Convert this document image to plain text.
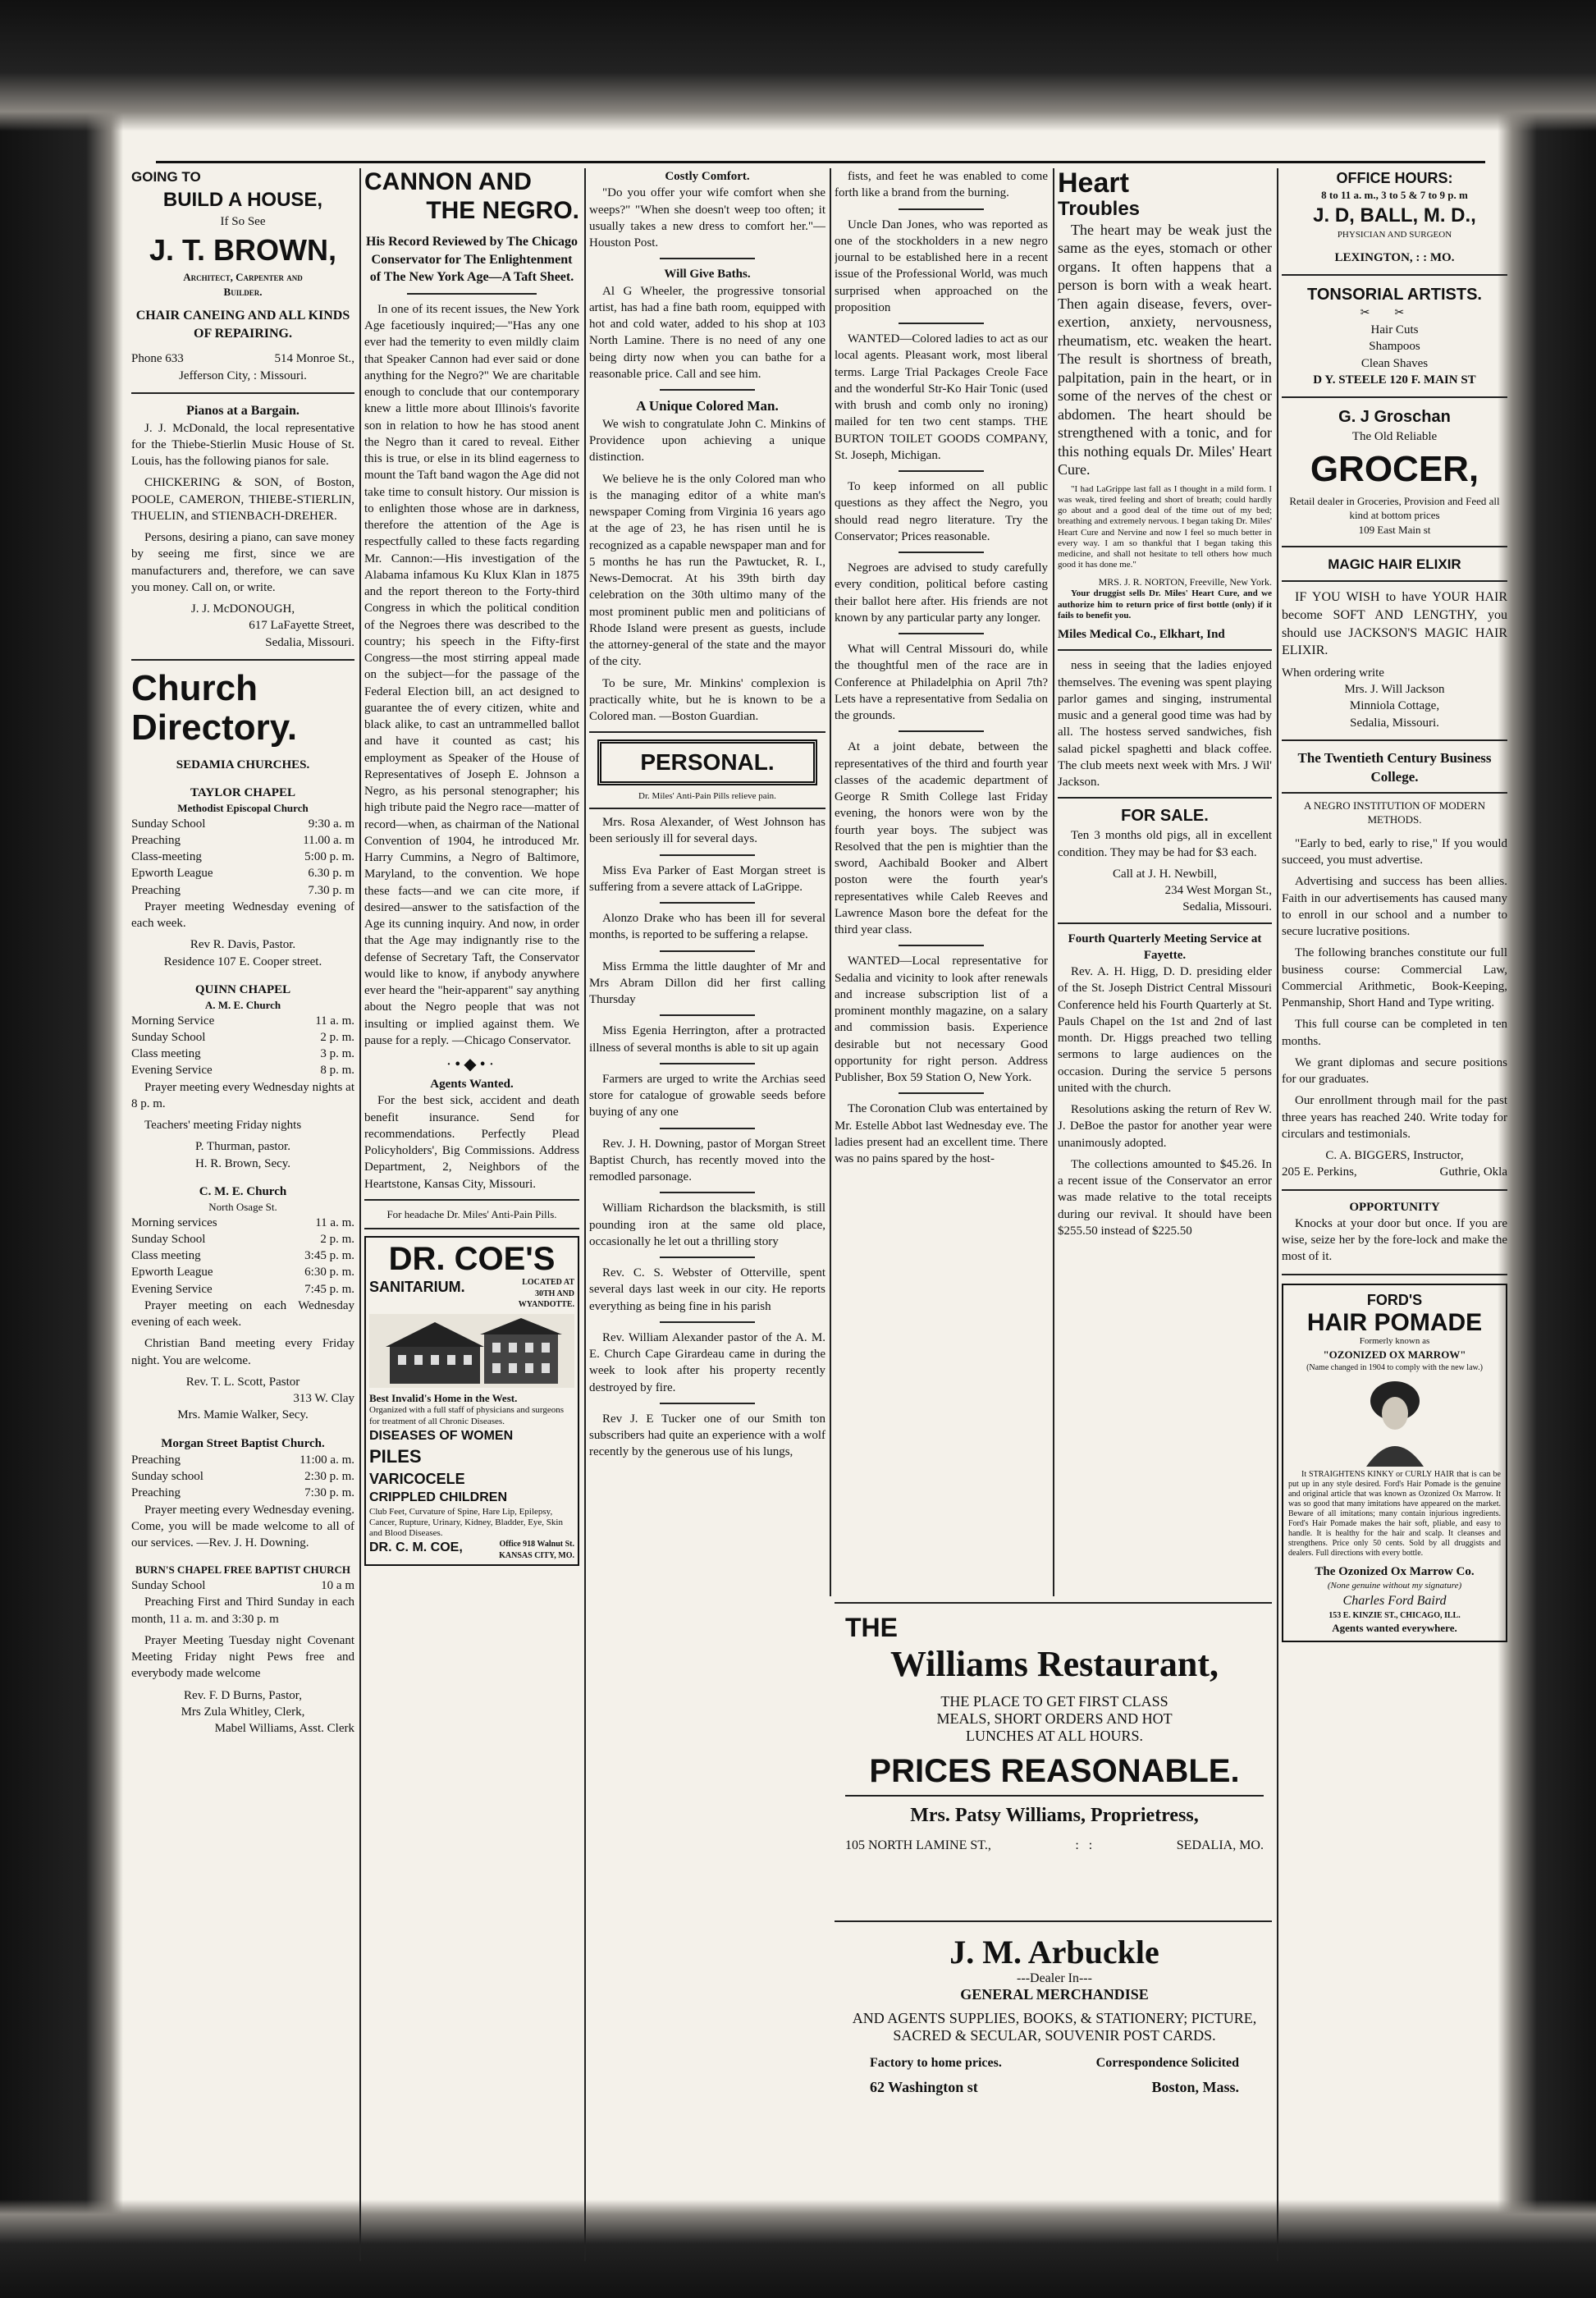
GOING TO
BUILD A HOUSE,
If So See
J. T. BROWN,
Architect, Carpenter and
Builder.
CHAIR CANEING AND ALL KINDS OF REPAIRING.
Phone 633	514 Monroe St.,
Jefferson City, : Missouri.
Pianos at a Bargain.

J. J. McDonald, the local representative for the Thiebe-Stierlin Music House of St. Louis, has the following pianos for sale.

CHICKERING & SON, of Boston, POOLE, CAMERON, THIEBE-STIERLIN, THUELIN, and STIENBACH-DREHER.

Persons, desiring a piano, can save money by seeing me first, since we are manufacturers and, therefore, we can save you money. Call on, or write.

J. J. McDONOUGH,
617 LaFayette Street,
Sedalia, Missouri.
Church
Directory.
SEDAMIA CHURCHES.
TAYLOR CHAPEL
Methodist Episcopal Church
Sunday School	9:30 a. m
Preaching	11.00 a. m
Class-meeting	5:00 p. m.
Epworth League	6.30 p. m
Preaching	7.30 p. m

Prayer meeting Wednesday evening of each week.

Rev R. Davis, Pastor.
Residence 107 E. Cooper street.
QUINN CHAPEL
A. M. E. Church
Morning Service	11 a. m.
Sunday School	2 p. m.
Class meeting	3 p. m.
Evening Service	8 p. m.

Prayer meeting every Wednesday nights at 8 p. m.

Teachers' meeting Friday nights

P. Thurman, pastor.
H. R. Brown, Secy.
C. M. E. Church
North Osage St.
Morning services	11 a. m.
Sunday School	2 p. m.
Class meeting	3:45 p. m.
Epworth League	6:30 p. m.
Evening Service	7:45 p. m.

Prayer meeting on each Wednesday evening of each week.

Christian Band meeting every Friday night. You are welcome.

Rev. T. L. Scott, Pastor
313 W. Clay
Mrs. Mamie Walker, Secy.
Morgan Street Baptist Church.
Preaching	11:00 a. m.
Sunday school	2:30 p. m.
Preaching	7:30 p. m.

Prayer meeting every Wednesday evening. Come, you will be made welcome to all of our services. —Rev. J. H. Downing.

BURN'S CHAPEL FREE BAPTIST CHURCH
Sunday School	10 a m

Preaching First and Third Sunday in each month, 11 a. m. and 3:30 p. m

Prayer Meeting Tuesday night Covenant Meeting Friday night Pews free and everybody made welcome

Rev. F. D Burns, Pastor,
Mrs Zula Whitley, Clerk,
Mabel Williams, Asst. Clerk
CANNON AND
THE NEGRO.
His Record Reviewed by The Chicago Conservator for The Enlightenment of The New York Age—A Taft Sheet.

In one of its recent issues, the New York Age facetiously inquired;—"Has any one ever had the temerity to even mildly claim that Speaker Cannon had ever said or done anything for the Negro?" We are charitable enough to conclude that our contemporary knew a little more about Illinois's favorite son in relation to how he has stood anent the Negro than it cared to reveal. Either this is true, or else in its blind eagerness to mount the Taft band wagon the Age did not take time to consult history. Our mission is to enlighten those whose are in darkness, therefore the attention of the Age is respectfully called to these facts regarding Mr. Cannon:—His investigation of the Alabama infamous Ku Klux Klan in 1875 and the report thereon to the Forty-third Congress in which the political condition of the Negroes there was described to the country; his speech in the Fifty-first Congress—the most stirring appeal made on the subject—for the passage of the Federal Election bill, an act designed to guarantee the of every citizen, white and black alike, to cast an untrammelled ballot and have it counted as cast; his employment as Speaker of the House of Representatives of Joseph E. Johnson a Negro, as his personal stenographer; his high tribute paid the Negro race—matter of record—when, as chairman of the National Convention of 1904, he introduced Mr. Harry Cummins, a Negro of Baltimore, Maryland, to the convention. We hope these facts—and we can cite more, if desired—answer to the satisfaction of the Age its cunning inquiry. And now, in order that the Age may indignantly rise to the defense of Secretary Taft, the Conservator would like to know, if anybody anywhere ever heard the "heir-apparent" say anything about the Negro people that was not insulting or implied against them. We pause for a reply. —Chicago Conservator.

·•◆•·
Agents Wanted.

For the best sick, accident and death benefit insurance. Send for recommendations. Perfectly Plead Policyholders', Big Commissions. Address Department, 2, Neighbors of the Heartstone, Kansas City, Missouri.

For headache Dr. Miles' Anti-Pain Pills.
DR. COE'S
SANITARIUM.	LOCATED AT 30TH AND WYANDOTTE.
Best Invalid's Home in the West.
Organized with a full staff of physicians and surgeons for treatment of all Chronic Diseases.
DISEASES OF WOMEN
PILES
VARICOCELE
CRIPPLED CHILDREN
Club Feet, Curvature of Spine, Hare Lip, Epilepsy, Cancer, Rupture, Urinary, Kidney, Bladder, Eye, Skin and Blood Diseases.
DR. C. M. COE,	Office 918 Walnut St. KANSAS CITY, MO.
Costly Comfort.

"Do you offer your wife comfort when she weeps?" "When she doesn't weep too often; it usually takes a new dress to comfort her."—Houston Post.

Will Give Baths.

Al G Wheeler, the progressive tonsorial artist, has had a fine bath room, equipped with hot and cold water, added to his shop at 103 North Lamine. There is no need of any one being dirty now when you can bathe for a reasonable price. Call and see him.

A Unique Colored Man.

We wish to congratulate John C. Minkins of Providence upon achieving a unique distinction.

We believe he is the only Colored man who is the managing editor of a white man's newspaper Coming from Virginia 16 years ago at the age of 23, he has risen until he is recognized as a capable newspaper man and for 5 months he has run the Pawtucket, R. I., News-Democrat. At his 39th birth day celebration on the 30th ultimo many of the most prominent public men and politicians of Rhode Island were present as guests, include the attorney-general of the state and the mayor of the city.

To be sure, Mr. Minkins' complexion is practically white, but he is known to be a Colored man. —Boston Guardian.

PERSONAL.
Dr. Miles' Anti-Pain Pills relieve pain.

Mrs. Rosa Alexander, of West Johnson has been seriously ill for several days.

Miss Eva Parker of East Morgan street is suffering from a severe attack of LaGrippe.

Alonzo Drake who has been ill for several months, is reported to be suffering a relapse.

Miss Ermma the little daughter of Mr and Mrs Abram Dillon did her first calling Thursday

Miss Egenia Herrington, after a protracted illness of several months is able to sit up again

Farmers are urged to write the Archias seed store for catalogue of growable seeds before buying of any one

Rev. J. H. Downing, pastor of Morgan Street Baptist Church, has recently moved into the remodled parsonage.

William Richardson the blacksmith, is still pounding iron at the same old place, occasionally he let out a thrilling story

Rev. C. S. Webster of Otterville, spent several days last week in our city. He reports everything as being fine in his parish

Rev. William Alexander pastor of the A. M. E. Church Cape Girardeau came in during the week to look after his property recently destroyed by fire.

Rev J. E Tucker one of our Smith ton subscribers had quite an experience with a wolf recently by the generous use of his lungs,

fists, and feet he was enabled to come forth like a brand from the burning.

Uncle Dan Jones, who was reported as one of the stockholders in a new negro journal to be established here in a recent issue of the Professional World, was much surprised when approached on the proposition

WANTED—Colored ladies to act as our local agents. Pleasant work, most liberal terms. Large Trial Packages Creole Face and the wonderful Str-Ko Hair Tonic (used with brush and comb only no ironing) mailed for ten two cent stamps. THE BURTON TOILET GOODS COMPANY, St. Joseph, Michigan.

To keep informed on all public questions as they affect the Negro, you should read negro literature. Try the Conservator; Prices reasonable.

Negroes are advised to study carefully every condition, political before casting their ballot here after. His friends are not known by any particular party any longer.

What will Central Missouri do, while the thoughtful men of the race are in Conference at Philadelphia on April 7th? Lets have a representative from Sedalia on the grounds.

At a joint debate, between the representatives of the third and fourth year classes of the academic department of George R Smith College last Friday evening, the honors were won by the fourth year boys. The subject was Resolved that the pen is mightier than the sword, Aachibald Booker and Albert poston were the fourth year's representatives while Caleb Reeves and Lawrence Mason bore the defeat for the third year class.

WANTED—Local representative for Sedalia and vicinity to look after renewals and increase subscription list of a prominent monthly magazine, on a salary and commission basis. Experience desirable but not necessary Good opportunity for right person. Address Publisher, Box 59 Station O, New York.

The Coronation Club was entertained by Mr. Estelle Abbot last Wednesday eve. The ladies present had an excellent time. There was no pains spared by the host-

Heart
Troubles

The heart may be weak just the same as the eyes, stomach or other organs. It often happens that a person is born with a weak heart. Then again disease, fevers, over-exertion, anxiety, nervousness, rheumatism, etc. weaken the heart. The result is shortness of breath, palpitation, pain in the heart, or in some of the nerves of the chest or abdomen. The heart should be strengthened with a tonic, and for this nothing equals Dr. Miles' Heart Cure.

"I had LaGrippe last fall as I thought in a mild form. I was weak, tired feeling and short of breath; could hardly go about and a good deal of the time out of my bed; breathing and extremely nervous. I began taking Dr. Miles' Heart Cure and Nervine and now I feel so much better in every way. I am so thankful that I began taking this medicine, and shall not hesitate to tell others how much good it has done me."

MRS. J. R. NORTON, Freeville, New York.

Your druggist sells Dr. Miles' Heart Cure, and we authorize him to return price of first bottle (only) if it fails to benefit you.

Miles Medical Co., Elkhart, Ind

ness in seeing that the ladies enjoyed themselves. The evening was spent playing parlor games and singing, instrumental music and a general good time was had by all. The hostess served sandwiches, fish salad pickel spaghetti and black coffee. The club meets next week with Mrs. J Wil' Jackson.

FOR SALE.

Ten 3 months old pigs, all in excellent condition. They may be had for $3 each.

Call at J. H. Newbill,
234 West Morgan St.,
Sedalia, Missouri.
Fourth Quarterly Meeting Service at Fayette.

Rev. A. H. Higg, D. D. presiding elder of the St. Joseph District Central Missouri Conference held his Fourth Quarterly at St. Pauls Chapel on the 1st and 2nd of last month. Dr. Higgs preached two telling sermons to large audiences on the occasion. During the service 5 persons united with the church.

Resolutions asking the return of Rev W. J. DeBoe the pastor for another year were unanimously adopted.

The collections amounted to $45.26. In a recent issue of the Conservator an error was made relative to the total receipts during our revival. It should have been $255.50 instead of $225.50

THE
Williams Restaurant,
THE PLACE TO GET FIRST CLASS
MEALS, SHORT ORDERS AND HOT
LUNCHES AT ALL HOURS.
PRICES REASONABLE.
Mrs. Patsy Williams, Proprietress,
105 NORTH LAMINE ST.,	:   :	SEDALIA, MO.
J. M. Arbuckle
---Dealer In---
GENERAL MERCHANDISE
AND AGENTS SUPPLIES, BOOKS, & STATIONERY; PICTURE, SACRED & SECULAR, SOUVENIR POST CARDS.
Factory to home prices.	Correspondence Solicited
62 Washington st	Boston, Mass.
OFFICE HOURS:
8 to 11 a. m., 3 to 5 & 7 to 9 p. m
J. D, BALL, M. D.,
PHYSICIAN AND SURGEON
LEXINGTON, : : MO.
TONSORIAL ARTISTS.
✂✂
Hair Cuts
Shampoos
Clean Shaves
D Y. STEELE 120 F. MAIN ST
G. J Groschan
The Old Reliable
GROCER,
Retail dealer in Groceries, Provision and Feed all kind at bottom prices
109 East Main st
MAGIC HAIR ELIXIR

IF YOU WISH to have YOUR HAIR become SOFT AND LENGTHY, you should use JACKSON'S MAGIC HAIR ELIXIR.

When ordering write
Mrs. J. Will Jackson
Minniola Cottage,
Sedalia, Missouri.
The Twentieth Century Business College.
A NEGRO INSTITUTION OF MODERN METHODS.

"Early to bed, early to rise," If you would succeed, you must advertise.

Advertising and success has been allies. Faith in our advertisements has caused many to enroll in our school and a number to secure lucrative positions.

The following branches constitute our full business course: Commercial Law, Commercial Arithmetic, Book-Keeping, Penmanship, Short Hand and Type writing.

This full course can be completed in ten months.

We grant diplomas and secure positions for our graduates.

Our enrollment through mail for the past three years has reached 240. Write today for circulars and testimonials.

C. A. BIGGERS, Instructor,
205 E. Perkins,	Guthrie, Okla
OPPORTUNITY

Knocks at your door but once. If you are wise, seize her by the fore-lock and make the most of it.

FORD'S
HAIR POMADE
Formerly known as
"OZONIZED OX MARROW"
(Name changed in 1904 to comply with the new law.)

It STRAIGHTENS KINKY or CURLY HAIR that is can be put up in any style desired. Ford's Hair Pomade is the genuine and original article that was known as Ozonized Ox Marrow. It was so good that many imitations have appeared on the market. Beware of all imitations; many contain injurious ingredients. Ford's Hair Pomade makes the hair soft, pliable, and easy to handle. It is healthy for the hair and scalp. It cleanses and strengthens. Price only 50 cents. Sold by all druggists and dealers. Full directions with every bottle.

The Ozonized Ox Marrow Co.
(None genuine without my signature)
Charles Ford Baird
153 E. KINZIE ST., CHICAGO, ILL.
Agents wanted everywhere.
